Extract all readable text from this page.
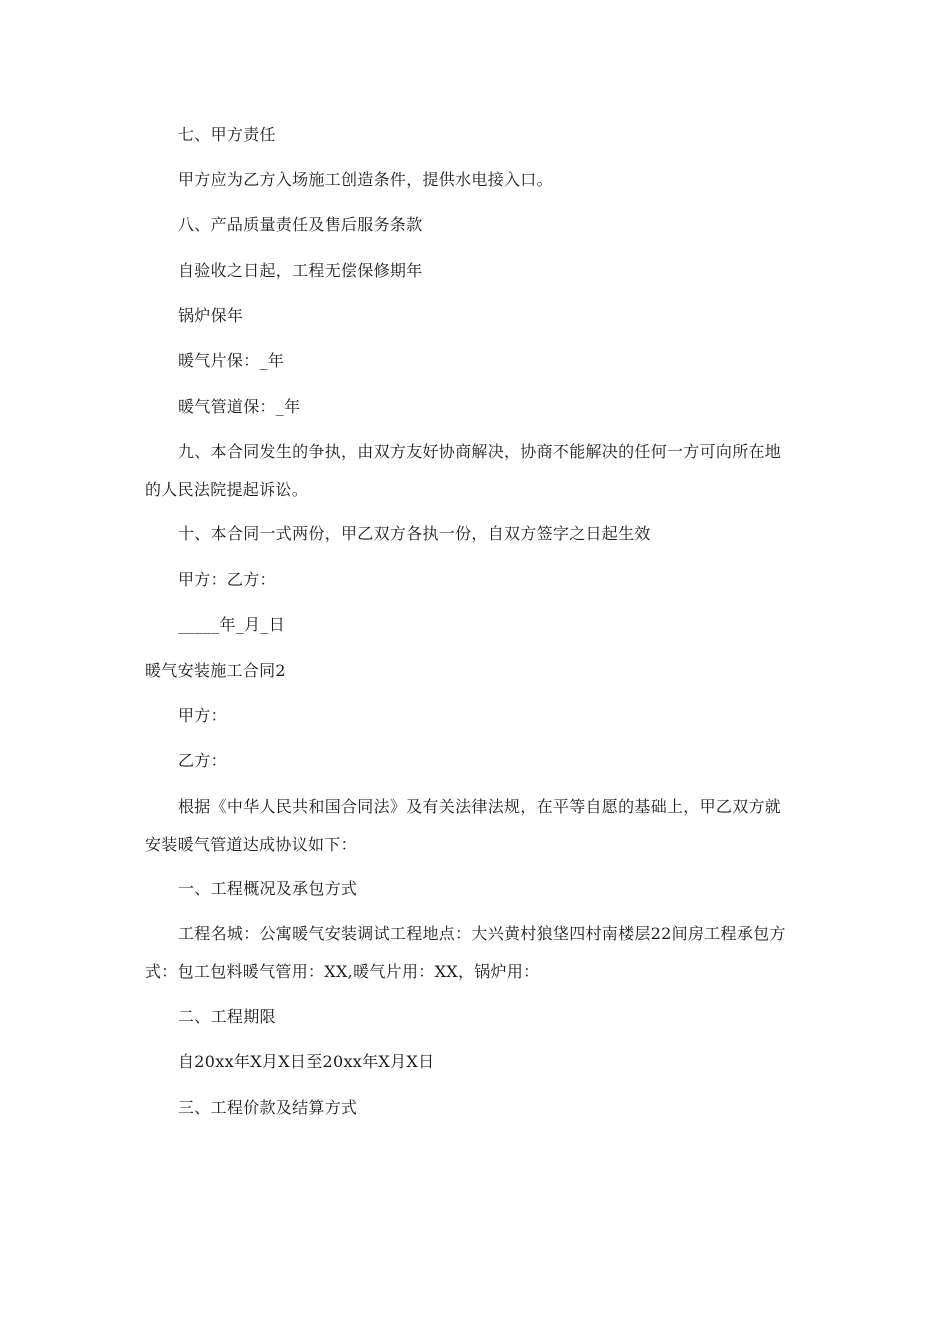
七、甲方责任
甲方应为乙方入场施工创造条件，提供水电接入口。
八、产品质量责任及售后服务条款
自验收之日起，工程无偿保修期年
锅炉保年
暖气片保：_年
暖气管道保：_年
九、本合同发生的争执，由双方友好协商解决，协商不能解决的任何一方可向所在地
的人民法院提起诉讼。
十、本合同一式两份，甲乙双方各执一份，自双方签字之日起生效
甲方：乙方：
_____年_月_日
暖气安装施工合同2
甲方：
乙方：
根据《中华人民共和国合同法》及有关法律法规，在平等自愿的基础上，甲乙双方就
安装暖气管道达成协议如下：
一、工程概况及承包方式
工程名城：公寓暖气安装调试工程地点：大兴黄村狼垡四村南楼层22间房工程承包方
式：包工包料暖气管用：XX,暖气片用：XX，锅炉用：
二、工程期限
自20xx年X月X日至20xx年X月X日
三、工程价款及结算方式
